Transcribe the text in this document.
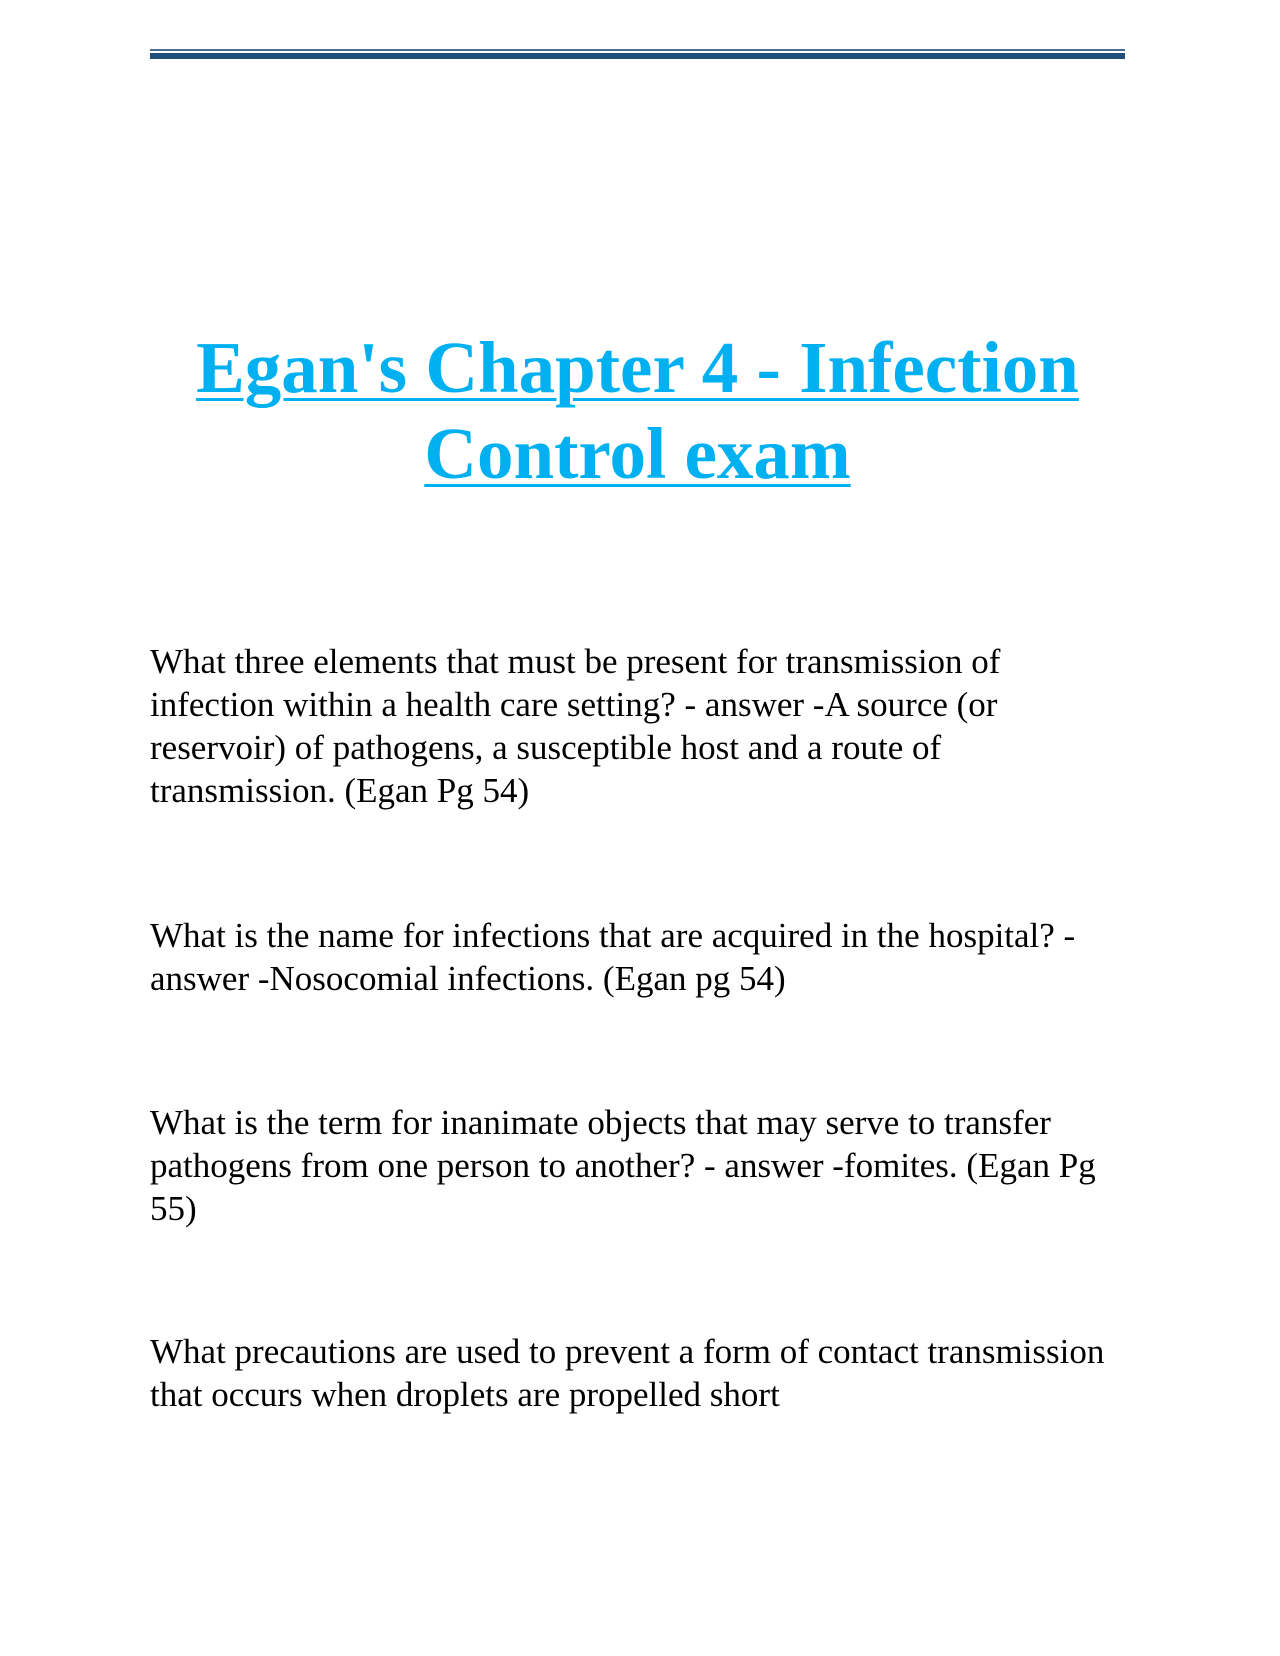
Egan's Chapter 4 - Infection Control exam

What three elements that must be present for transmission of infection within a health care setting? - answer -A source (or reservoir) of pathogens, a susceptible host and a route of transmission. (Egan Pg 54)

What is the name for infections that are acquired in the hospital? - answer -Nosocomial infections. (Egan pg 54)

What is the term for inanimate objects that may serve to transfer pathogens from one person to another? - answer -fomites. (Egan Pg 55)

What precautions are used to prevent a form of contact transmission that occurs when droplets are propelled short
